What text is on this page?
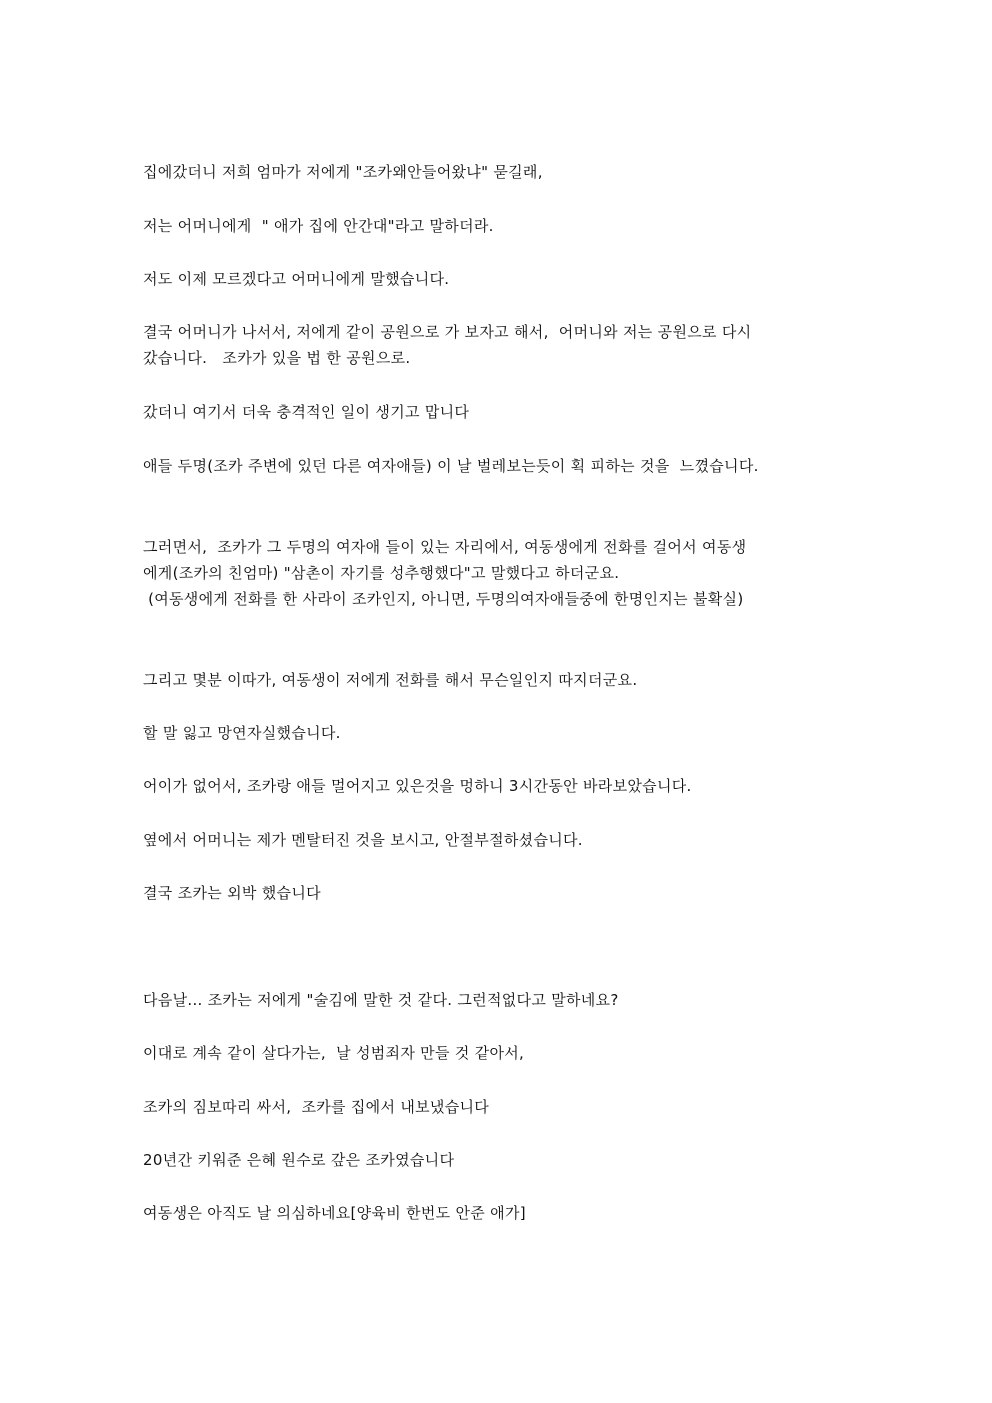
집에갔더니 저희 엄마가 저에게 "조카왜안들어왔냐" 묻길래,

저는 어머니에게  " 애가 집에 안간대"라고 말하더라.

저도 이제 모르겠다고 어머니에게 말했습니다.

결국 어머니가 나서서, 저에게 같이 공원으로 가 보자고 해서,  어머니와 저는 공원으로 다시
갔습니다.   조카가 있을 법 한 공원으로.

갔더니 여기서 더욱 충격적인 일이 생기고 맙니다

애들 두명(조카 주변에 있던 다른 여자애들) 이 날 벌레보는듯이 획 피하는 것을  느꼈습니다.

그러면서,  조카가 그 두명의 여자애 들이 있는 자리에서, 여동생에게 전화를 걸어서 여동생
에게(조카의 친엄마) "삼촌이 자기를 성추행했다"고 말했다고 하더군요.
(여동생에게 전화를 한 사라이 조카인지, 아니면, 두명의여자애들중에 한명인지는 불확실)

그리고 몇분 이따가, 여동생이 저에게 전화를 해서 무슨일인지 따지더군요.

할 말 잃고 망연자실했습니다.

어이가 없어서, 조카랑 애들 멀어지고 있은것을 멍하니 3시간동안 바라보았습니다.

옆에서 어머니는 제가 멘탈터진 것을 보시고, 안절부절하셨습니다.

결국 조카는 외박 했습니다

다음날... 조카는 저에게 "술김에 말한 것 같다. 그런적없다고 말하네요?

이대로 계속 같이 살다가는,  날 성범죄자 만들 것 같아서,

조카의 짐보따리 싸서,  조카를 집에서 내보냈습니다

20년간 키워준 은혜 원수로 갚은 조카였습니다

여동생은 아직도 날 의심하네요[양육비 한번도 안준 애가]
